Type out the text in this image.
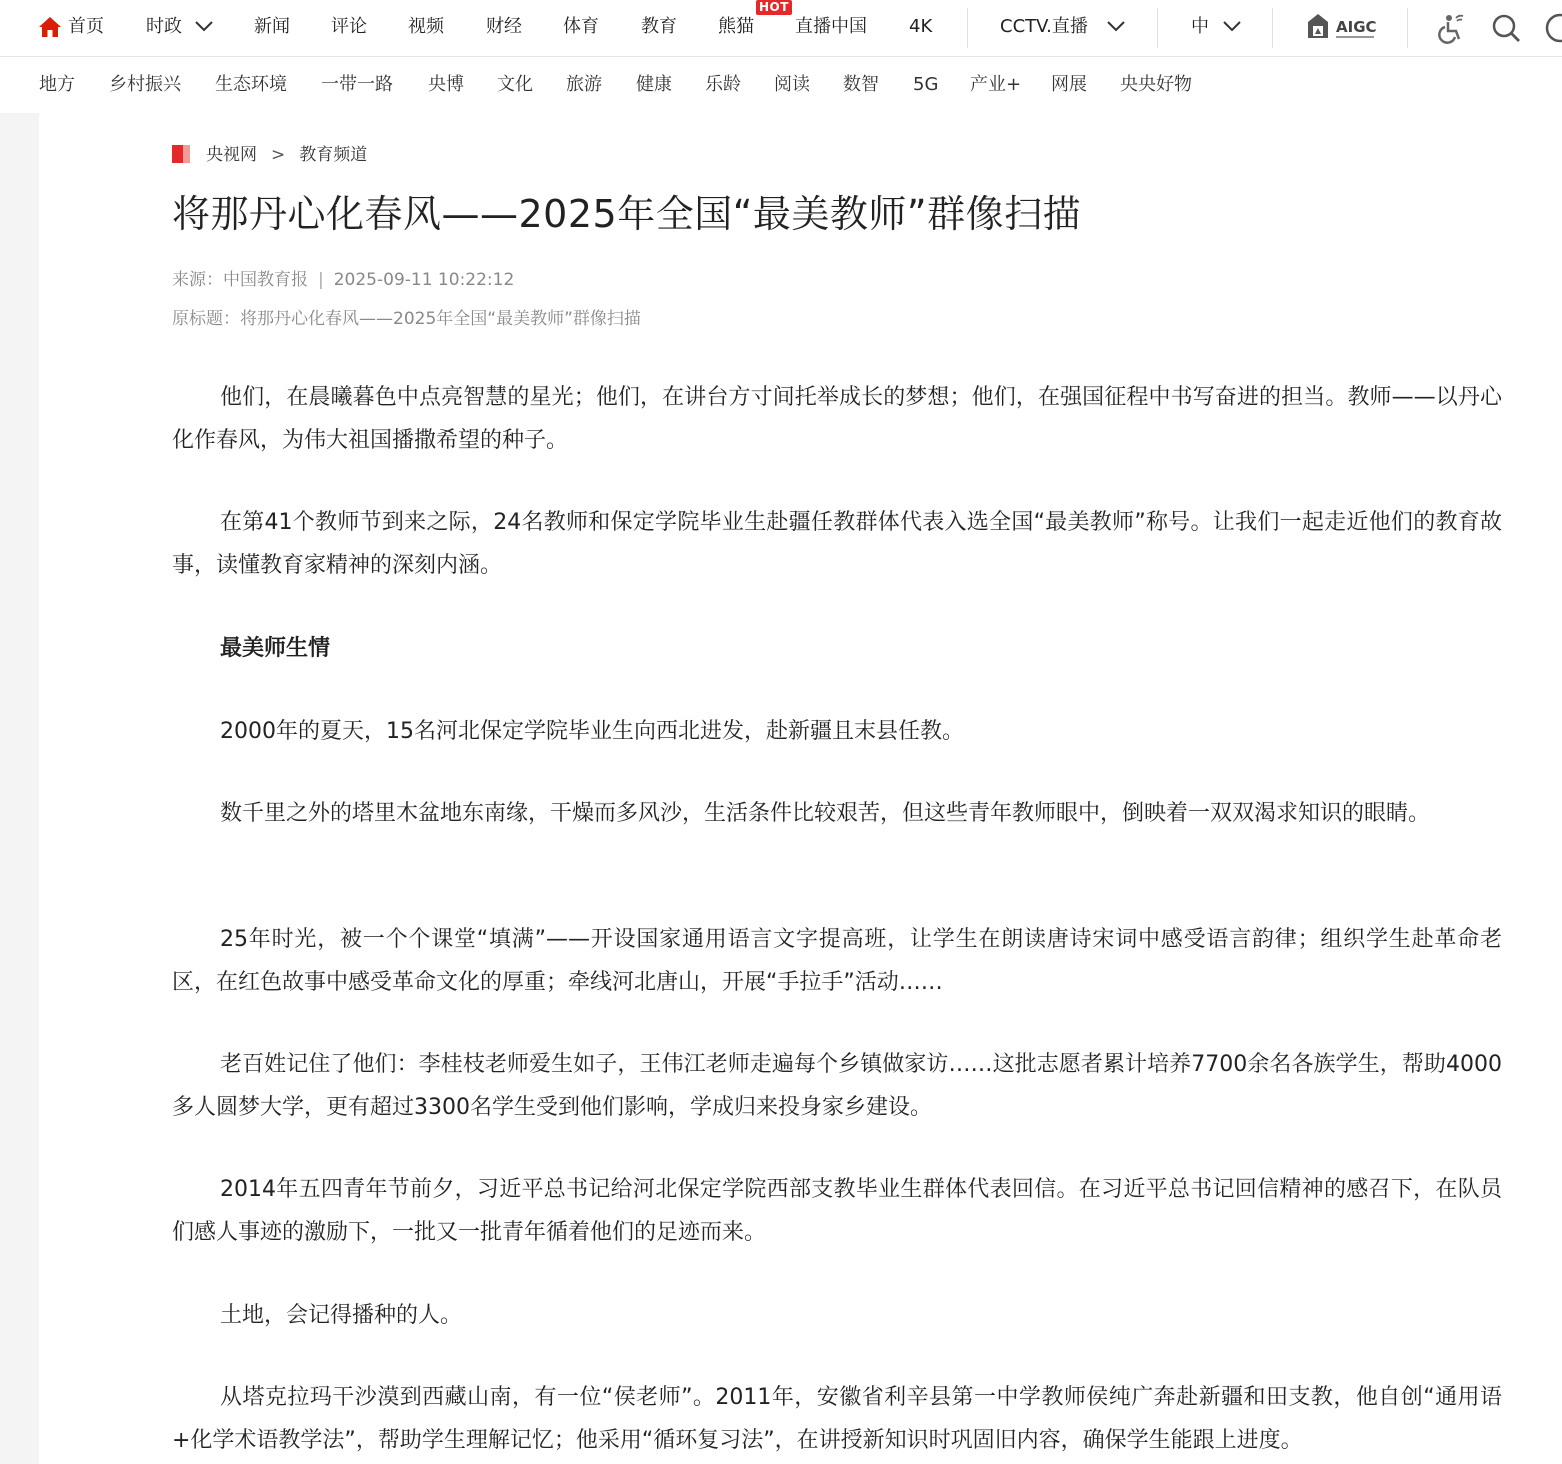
首页 时政	新闻 评论 视频 财经 体育 教育 熊猫
HOT
直播中国 4K	CCTV.直播	中	AIGC
地方 乡村振兴 生态环境 一带一路 央博 文化 旅游 健康 乐龄 阅读 数智 5G 产业+ 网展 央央好物
央视网 > 教育频道
将那丹心化春风——2025年全国“最美教师”群像扫描
来源：中国教育报 | 2025-09-11 10:22:12
原标题：将那丹心化春风——2025年全国“最美教师”群像扫描

他们，在晨曦暮色中点亮智慧的星光；他们，在讲台方寸间托举成长的梦想；他们，在强国征程中书写奋进的担当。教师——以丹心化作春风，为伟大祖国播撒希望的种子。

在第41个教师节到来之际，24名教师和保定学院毕业生赴疆任教群体代表入选全国“最美教师”称号。让我们一起走近他们的教育故事，读懂教育家精神的深刻内涵。

最美师生情

2000年的夏天，15名河北保定学院毕业生向西北进发，赴新疆且末县任教。

数千里之外的塔里木盆地东南缘，干燥而多风沙，生活条件比较艰苦，但这些青年教师眼中，倒映着一双双渴求知识的眼睛。

25年时光，被一个个课堂“填满”——开设国家通用语言文字提高班，让学生在朗读唐诗宋词中感受语言韵律；组织学生赴革命老区，在红色故事中感受革命文化的厚重；牵线河北唐山，开展“手拉手”活动……

老百姓记住了他们：李桂枝老师爱生如子，王伟江老师走遍每个乡镇做家访……这批志愿者累计培养7700余名各族学生，帮助4000多人圆梦大学，更有超过3300名学生受到他们影响，学成归来投身家乡建设。

2014年五四青年节前夕，习近平总书记给河北保定学院西部支教毕业生群体代表回信。在习近平总书记回信精神的感召下，在队员们感人事迹的激励下，一批又一批青年循着他们的足迹而来。

土地，会记得播种的人。

从塔克拉玛干沙漠到西藏山南，有一位“侯老师”。2011年，安徽省利辛县第一中学教师侯纯广奔赴新疆和田支教，他自创“通用语+化学术语教学法”，帮助学生理解记忆；他采用“循环复习法”，在讲授新知识时巩固旧内容，确保学生能跟上进度。
